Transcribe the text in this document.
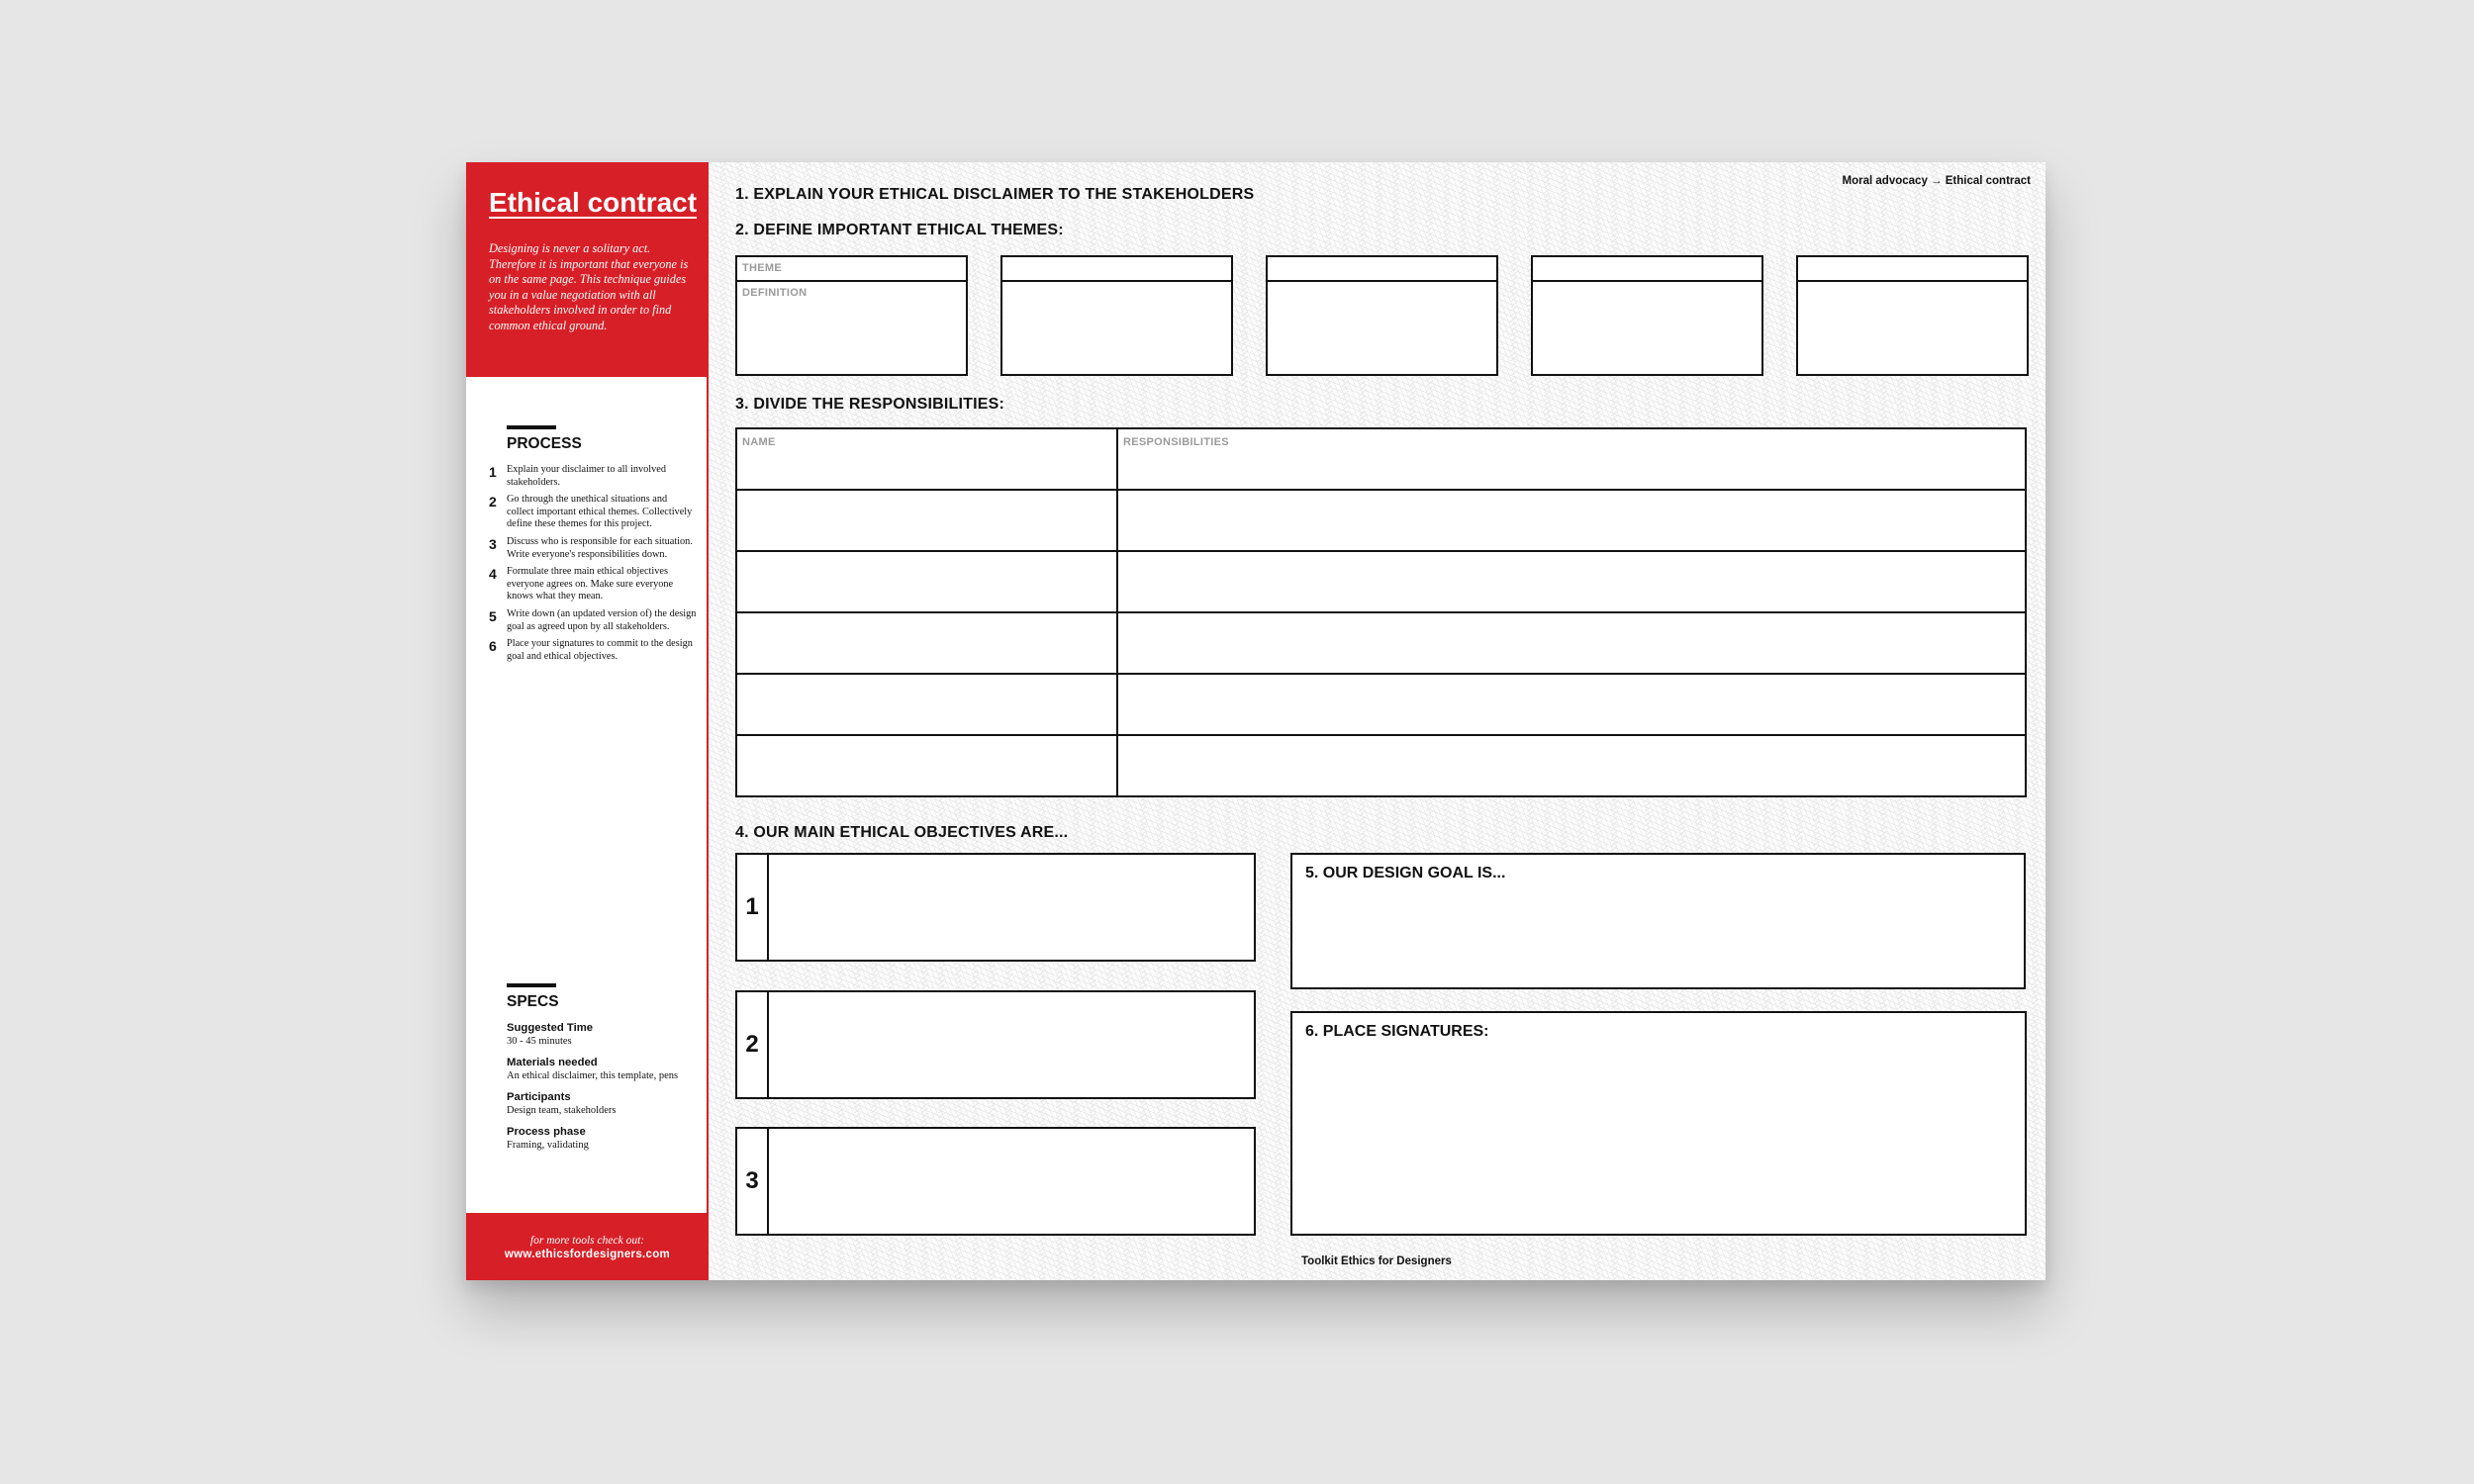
Ethical contract
Designing is never a solitary act. Therefore it is important that everyone is on the same page. This technique guides you in a value negotiation with all stakeholders involved in order to find common ethical ground.
PROCESS
1 Explain your disclaimer to all involved stakeholders.
2 Go through the unethical situations and collect important ethical themes. Collectively define these themes for this project.
3 Discuss who is responsible for each situation. Write everyone's responsibilities down.
4 Formulate three main ethical objectives everyone agrees on. Make sure everyone knows what they mean.
5 Write down (an updated version of) the design goal as agreed upon by all stakeholders.
6 Place your signatures to commit to the design goal and ethical objectives.
SPECS
Suggested Time
30 - 45 minutes
Materials needed
An ethical disclaimer, this template, pens
Participants
Design team, stakeholders
Process phase
Framing, validating
for more tools check out:
www.ethicsfordesigners.com
Moral advocacy → Ethical contract
1. EXPLAIN YOUR ETHICAL DISCLAIMER TO THE STAKEHOLDERS
2. DEFINE IMPORTANT ETHICAL THEMES:
THEME
DEFINITION
3. DIVIDE THE RESPONSIBILITIES:
NAME	RESPONSIBILITIES
4. OUR MAIN ETHICAL OBJECTIVES ARE...
1
2
3
5. OUR DESIGN GOAL IS...
6. PLACE SIGNATURES:
Toolkit Ethics for Designers
